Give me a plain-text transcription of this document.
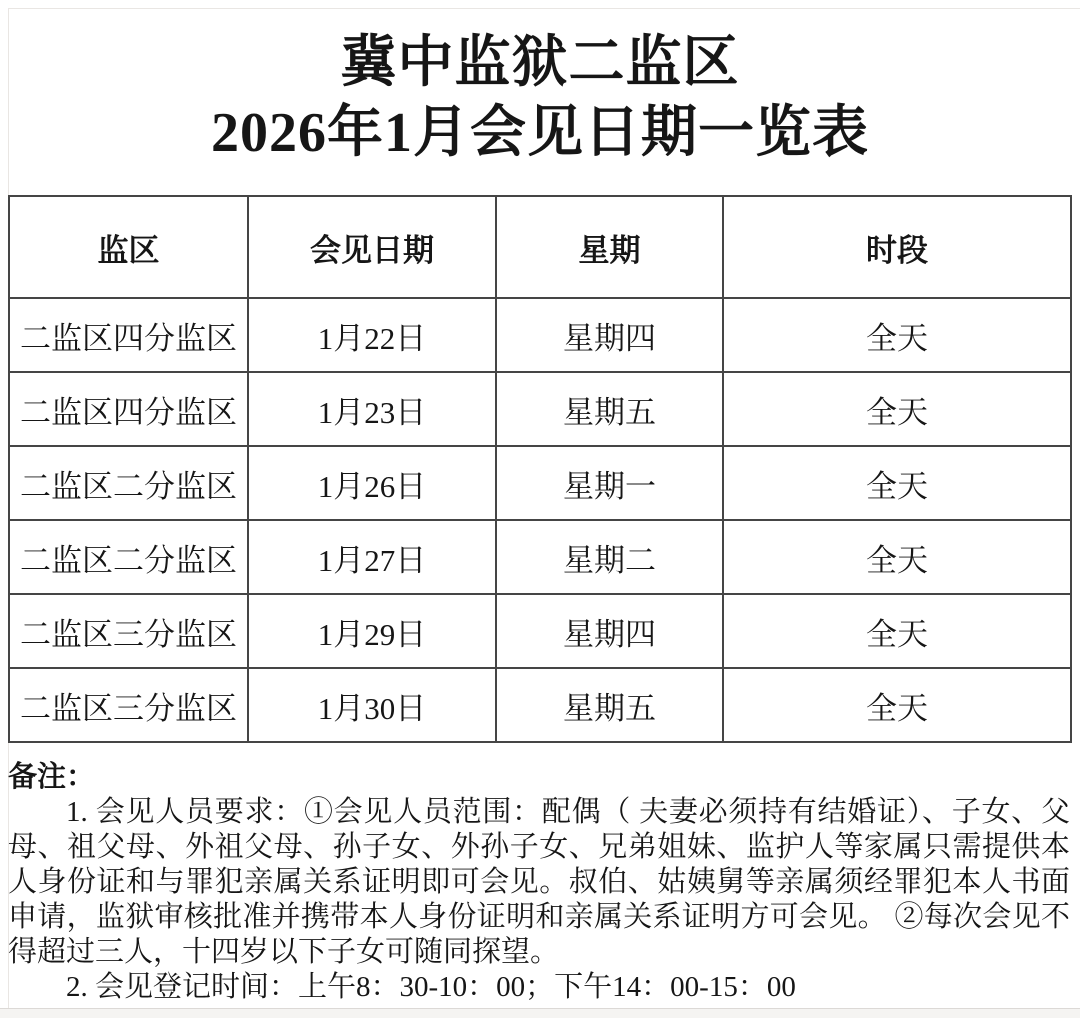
冀中监狱二监区
2026年1月会见日期一览表
监区	会见日期	星期	时段
二监区四分监区	1月22日	星期四	全天
二监区四分监区	1月23日	星期五	全天
二监区二分监区	1月26日	星期一	全天
二监区二分监区	1月27日	星期二	全天
二监区三分监区	1月29日	星期四	全天
二监区三分监区	1月30日	星期五	全天
备注：

1. 会见人员要求：①会见人员范围：配偶（ 夫妻必须持有结婚证）、子女、父母、祖父母、外祖父母、孙子女、外孙子女、兄弟姐妹、监护人等家属只需提供本人身份证和与罪犯亲属关系证明即可会见。叔伯、姑姨舅等亲属须经罪犯本人书面申请，监狱审核批准并携带本人身份证明和亲属关系证明方可会见。 ②每次会见不得超过三人，十四岁以下子女可随同探望。

2. 会见登记时间：上午8：30-10：00；下午14：00-15：00
